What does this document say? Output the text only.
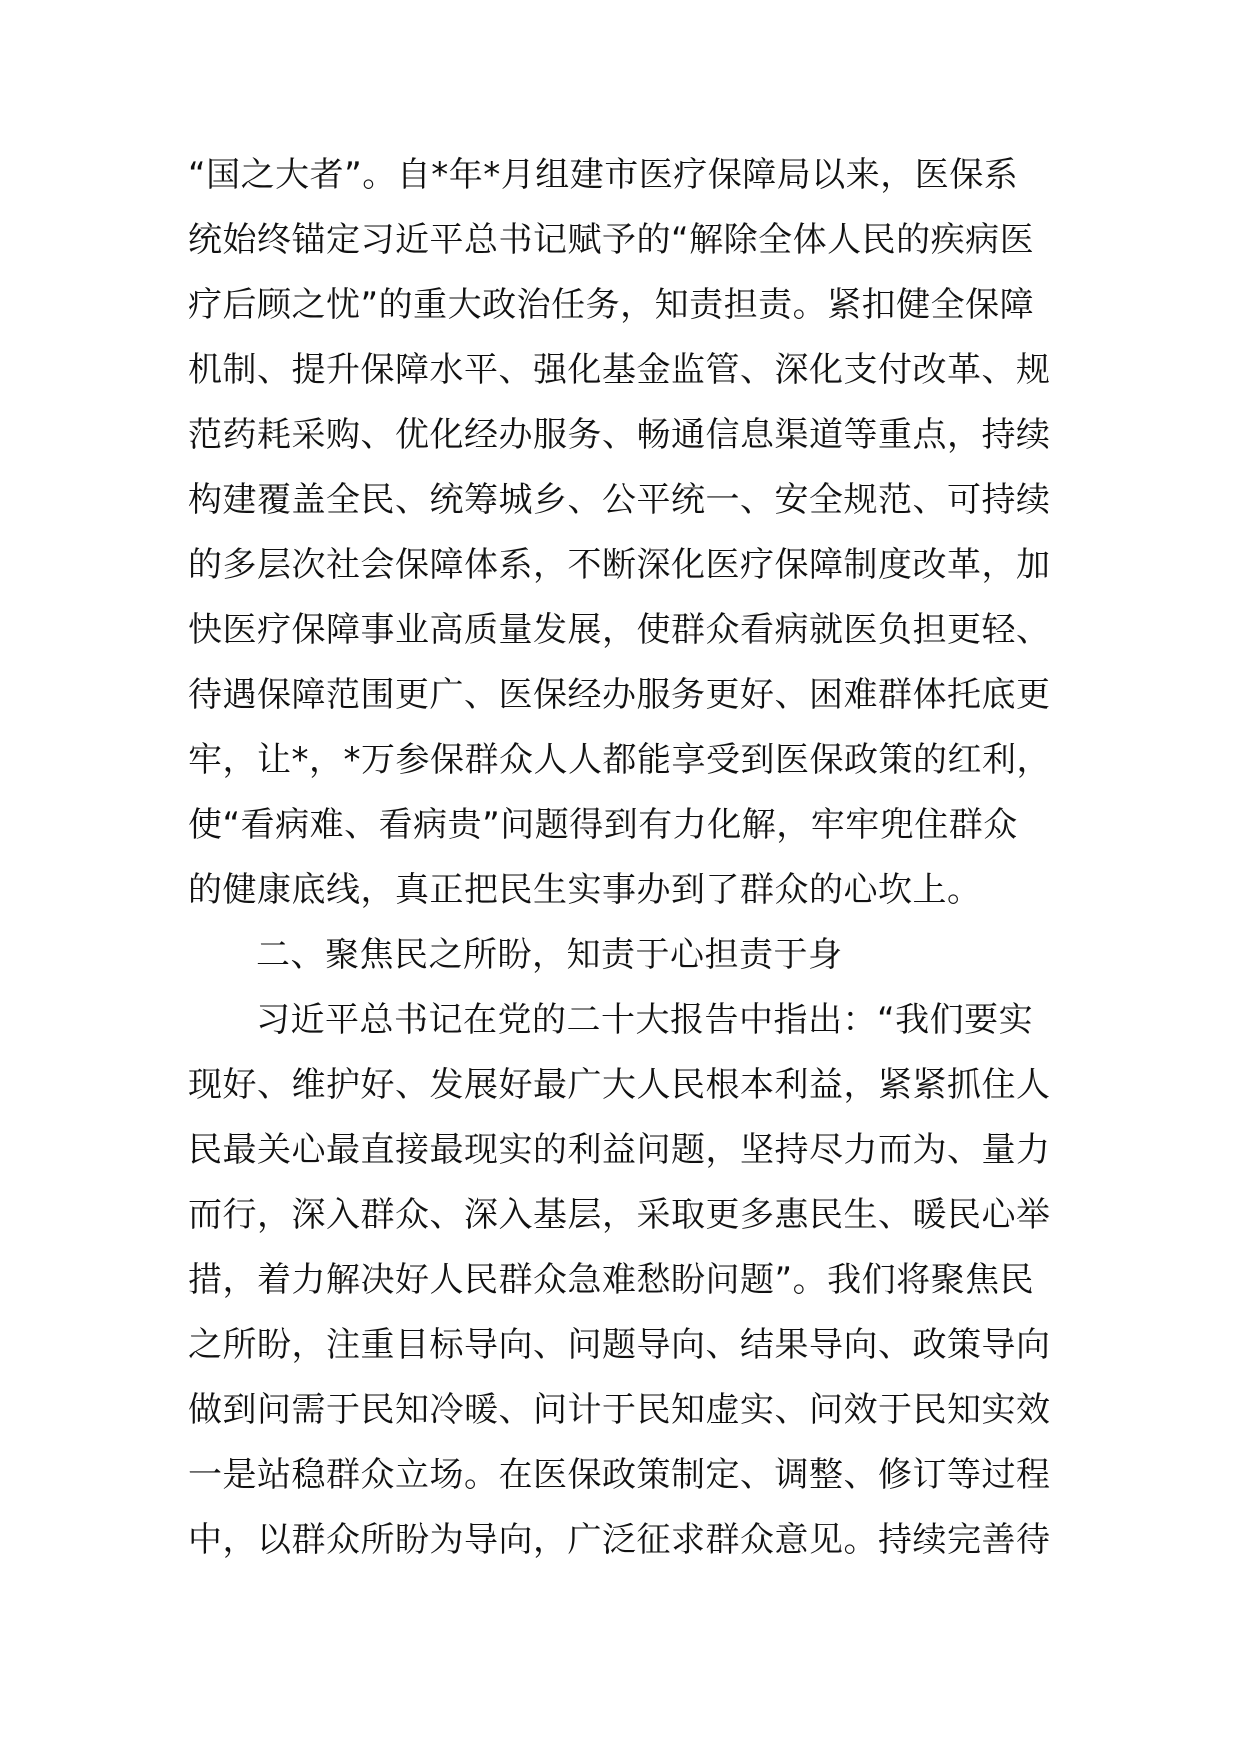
“国之大者”。自*年*月组建市医疗保障局以来，医保系
统始终锚定习近平总书记赋予的“解除全体人民的疾病医
疗后顾之忧”的重大政治任务，知责担责。紧扣健全保障
机制、提升保障水平、强化基金监管、深化支付改革、规
范药耗采购、优化经办服务、畅通信息渠道等重点，持续
构建覆盖全民、统筹城乡、公平统一、安全规范、可持续
的多层次社会保障体系，不断深化医疗保障制度改革，加
快医疗保障事业高质量发展，使群众看病就医负担更轻、
待遇保障范围更广、医保经办服务更好、困难群体托底更
牢，让*，*万参保群众人人都能享受到医保政策的红利，
使“看病难、看病贵”问题得到有力化解，牢牢兜住群众
的健康底线，真正把民生实事办到了群众的心坎上。
二、聚焦民之所盼，知责于心担责于身
习近平总书记在党的二十大报告中指出：“我们要实
现好、维护好、发展好最广大人民根本利益，紧紧抓住人
民最关心最直接最现实的利益问题，坚持尽力而为、量力
而行，深入群众、深入基层，采取更多惠民生、暖民心举
措，着力解决好人民群众急难愁盼问题”。我们将聚焦民
之所盼，注重目标导向、问题导向、结果导向、政策导向
做到问需于民知冷暖、问计于民知虚实、问效于民知实效
一是站稳群众立场。在医保政策制定、调整、修订等过程
中，以群众所盼为导向，广泛征求群众意见。持续完善待
